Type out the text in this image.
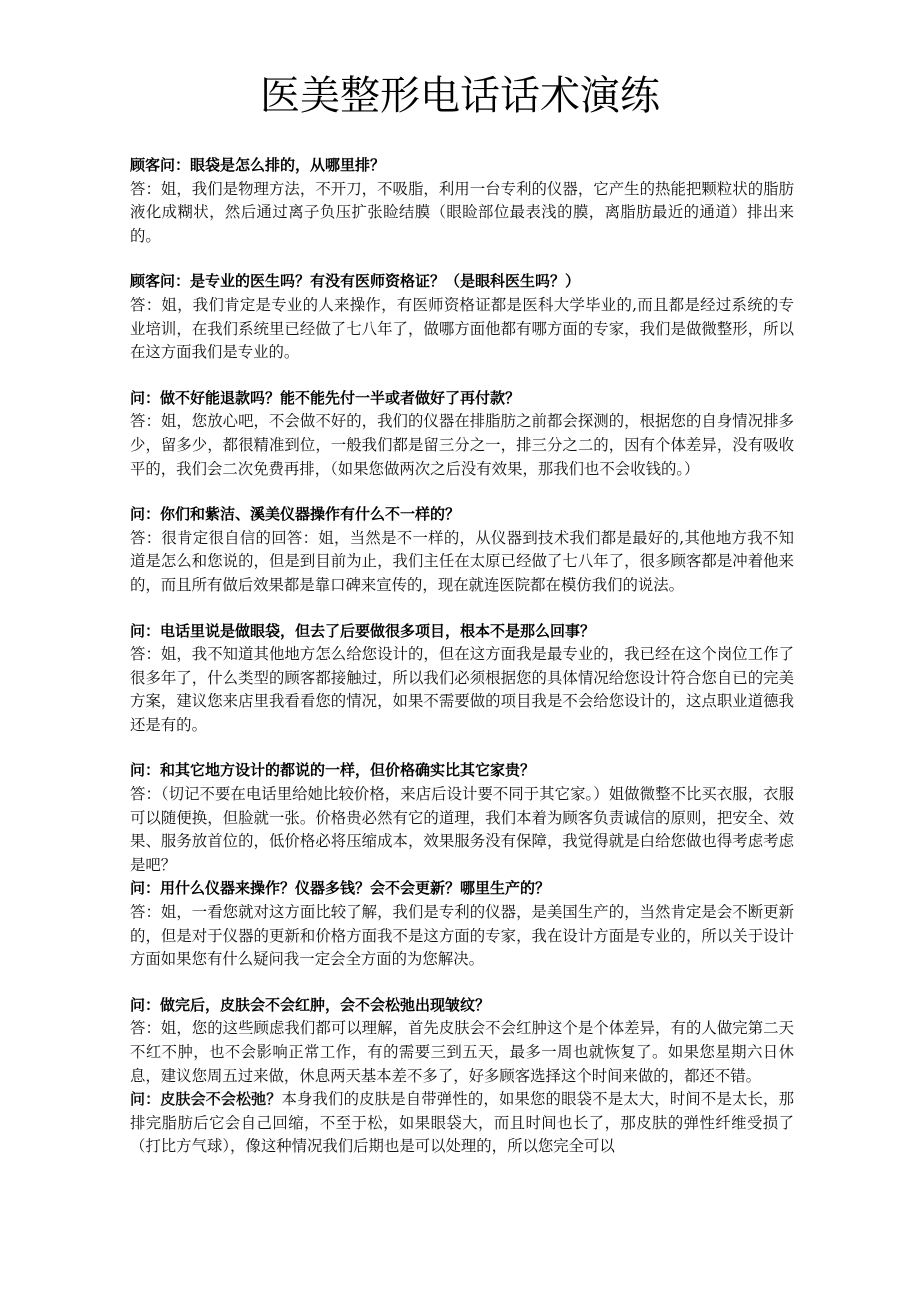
医美整形电话话术演练

顾客问：眼袋是怎么排的，从哪里排？

答：姐，我们是物理方法，不开刀，不吸脂，利用一台专利的仪器，它产生的热能把颗粒状的脂肪液化成糊状，然后通过离子负压扩张睑结膜（眼睑部位最表浅的膜，离脂肪最近的通道）排出来的。

顾客问：是专业的医生吗？有没有医师资格证？（是眼科医生吗？）

答：姐，我们肯定是专业的人来操作，有医师资格证都是医科大学毕业的,而且都是经过系统的专业培训，在我们系统里已经做了七八年了，做哪方面他都有哪方面的专家，我们是做微整形，所以在这方面我们是专业的。

问：做不好能退款吗？能不能先付一半或者做好了再付款？

答：姐，您放心吧，不会做不好的，我们的仪器在排脂肪之前都会探测的，根据您的自身情况排多少，留多少，都很精准到位，一般我们都是留三分之一，排三分之二的，因有个体差异，没有吸收平的，我们会二次免费再排，（如果您做两次之后没有效果，那我们也不会收钱的。）

问：你们和紫洁、溪美仪器操作有什么不一样的？

答：很肯定很自信的回答：姐，当然是不一样的，从仪器到技术我们都是最好的,其他地方我不知道是怎么和您说的，但是到目前为止，我们主任在太原已经做了七八年了，很多顾客都是冲着他来的，而且所有做后效果都是靠口碑来宣传的，现在就连医院都在模仿我们的说法。

问：电话里说是做眼袋，但去了后要做很多项目，根本不是那么回事？

答：姐，我不知道其他地方怎么给您设计的，但在这方面我是最专业的，我已经在这个岗位工作了很多年了，什么类型的顾客都接触过，所以我们必须根据您的具体情况给您设计符合您自已的完美方案，建议您来店里我看看您的情况，如果不需要做的项目我是不会给您设计的，这点职业道德我还是有的。

问：和其它地方设计的都说的一样，但价格确实比其它家贵？

答：（切记不要在电话里给她比较价格，来店后设计要不同于其它家。）姐做微整不比买衣服，衣服可以随便换，但脸就一张。价格贵必然有它的道理，我们本着为顾客负责诚信的原则，把安全、效果、服务放首位的，低价格必将压缩成本，效果服务没有保障，我觉得就是白给您做也得考虑考虑是吧？

问：用什么仪器来操作？仪器多钱？会不会更新？哪里生产的？

答：姐，一看您就对这方面比较了解，我们是专利的仪器，是美国生产的，当然肯定是会不断更新的，但是对于仪器的更新和价格方面我不是这方面的专家，我在设计方面是专业的，所以关于设计方面如果您有什么疑问我一定会全方面的为您解决。

问：做完后，皮肤会不会红肿，会不会松弛出现皱纹？

答：姐，您的这些顾虑我们都可以理解，首先皮肤会不会红肿这个是个体差异，有的人做完第二天不红不肿，也不会影响正常工作，有的需要三到五天，最多一周也就恢复了。如果您星期六日休息，建议您周五过来做，休息两天基本差不多了，好多顾客选择这个时间来做的，都还不错。

问：皮肤会不会松弛？本身我们的皮肤是自带弹性的，如果您的眼袋不是太大，时间不是太长，那排完脂肪后它会自己回缩，不至于松，如果眼袋大，而且时间也长了，那皮肤的弹性纤维受损了（打比方气球），像这种情况我们后期也是可以处理的，所以您完全可以
